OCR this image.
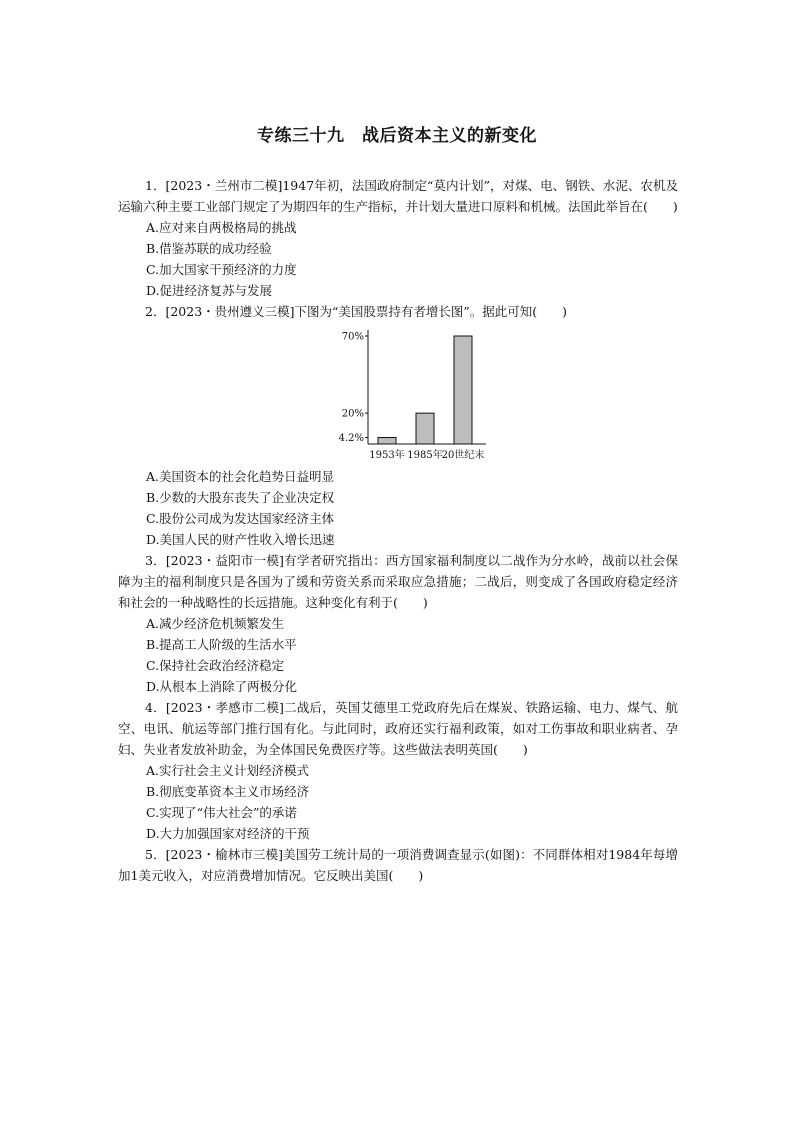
专练三十九　战后资本主义的新变化
1．[2023・兰州市二模]1947年初，法国政府制定“莫内计划”，对煤、电、钢铁、水泥、农机及运输六种主要工业部门规定了为期四年的生产指标，并计划大量进口原料和机械。法国此举旨在(　　)
A.应对来自两极格局的挑战
B.借鉴苏联的成功经验
C.加大国家干预经济的力度
D.促进经济复苏与发展
2．[2023・贵州遵义三模]下图为“美国股票持有者增长图”。据此可知(　　)
4.2%
20%
70%
1953年 1985年
20世纪末
A.美国资本的社会化趋势日益明显
B.少数的大股东丧失了企业决定权
C.股份公司成为发达国家经济主体
D.美国人民的财产性收入增长迅速
3．[2023・益阳市一模]有学者研究指出：西方国家福利制度以二战作为分水岭，战前以社会保障为主的福利制度只是各国为了缓和劳资关系而采取应急措施；二战后，则变成了各国政府稳定经济和社会的一种战略性的长远措施。这种变化有利于(　　)
A.减少经济危机频繁发生
B.提高工人阶级的生活水平
C.保持社会政治经济稳定
D.从根本上消除了两极分化
4．[2023・孝感市二模]二战后，英国艾德里工党政府先后在煤炭、铁路运输、电力、煤气、航空、电讯、航运等部门推行国有化。与此同时，政府还实行福利政策，如对工伤事故和职业病者、孕妇、失业者发放补助金，为全体国民免费医疗等。这些做法表明英国(　　)
A.实行社会主义计划经济模式
B.彻底变革资本主义市场经济
C.实现了“伟大社会”的承诺
D.大力加强国家对经济的干预
5．[2023・榆林市三模]美国劳工统计局的一项消费调查显示(如图)：不同群体相对1984年每增加1美元收入，对应消费增加情况。它反映出美国(　　)
